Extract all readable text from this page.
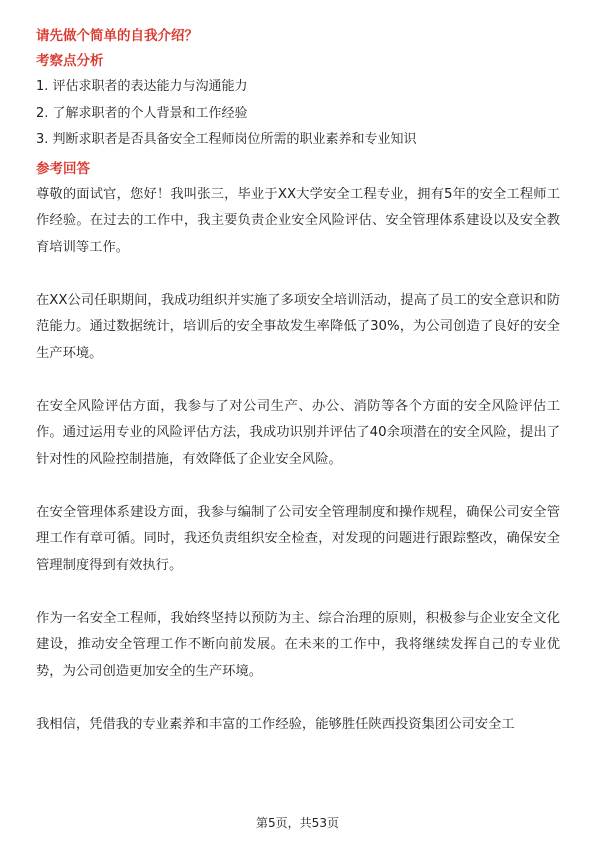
请先做个简单的自我介绍？
考察点分析
1. 评估求职者的表达能力与沟通能力
2. 了解求职者的个人背景和工作经验
3. 判断求职者是否具备安全工程师岗位所需的职业素养和专业知识
参考回答

尊敬的面试官，您好！我叫张三，毕业于XX大学安全工程专业，拥有5年的安全工程师工作经验。在过去的工作中，我主要负责企业安全风险评估、安全管理体系建设以及安全教育培训等工作。

在XX公司任职期间，我成功组织并实施了多项安全培训活动，提高了员工的安全意识和防范能力。通过数据统计，培训后的安全事故发生率降低了30%，为公司创造了良好的安全生产环境。

在安全风险评估方面，我参与了对公司生产、办公、消防等各个方面的安全风险评估工作。通过运用专业的风险评估方法，我成功识别并评估了40余项潜在的安全风险，提出了针对性的风险控制措施，有效降低了企业安全风险。

在安全管理体系建设方面，我参与编制了公司安全管理制度和操作规程，确保公司安全管理工作有章可循。同时，我还负责组织安全检查，对发现的问题进行跟踪整改，确保安全管理制度得到有效执行。

作为一名安全工程师，我始终坚持以预防为主、综合治理的原则，积极参与企业安全文化建设，推动安全管理工作不断向前发展。在未来的工作中，我将继续发挥自己的专业优势，为公司创造更加安全的生产环境。

我相信，凭借我的专业素养和丰富的工作经验，能够胜任陕西投资集团公司安全工

第5页，共53页
